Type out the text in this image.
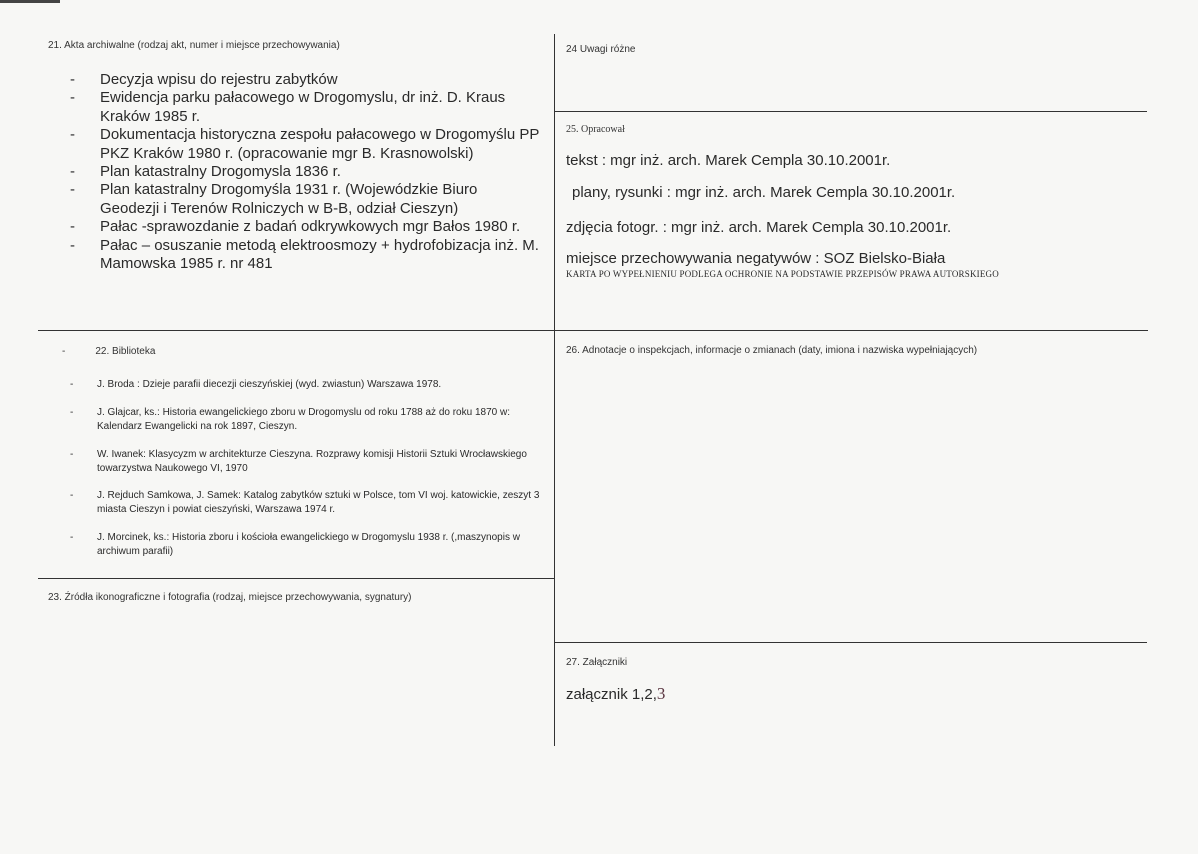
21. Akta archiwalne (rodzaj akt, numer i miejsce przechowywania)
- Decyzja wpisu do rejestru zabytków
- Ewidencja parku pałacowego w Drogomyslu, dr inż. D. Kraus Kraków 1985 r.
- Dokumentacja historyczna zespołu pałacowego w Drogomyślu PP PKZ Kraków 1980 r. (opracowanie mgr B. Krasnowolski)
- Plan katastralny Drogomysla 1836 r.
- Plan katastralny Drogomyśla 1931 r. (Wojewódzkie Biuro Geodezji i Terenów Rolniczych w B-B, odział Cieszyn)
- Pałac -sprawozdanie z badań odkrywkowych mgr Bałos 1980 r.
- Pałac – osuszanie metodą elektroosmozy + hydrofobizacja inż. M. Mamowska 1985 r. nr 481
-	22. Biblioteka
- J. Broda : Dzieje parafii diecezji cieszyńskiej (wyd. zwiastun) Warszawa 1978.
- J. Glajcar, ks.: Historia ewangelickiego zboru w Drogomyslu od roku 1788 aż do roku 1870 w: Kalendarz Ewangelicki na rok 1897, Cieszyn.
- W. Iwanek: Klasycyzm w architekturze Cieszyna. Rozprawy komisji Historii Sztuki Wrocławskiego towarzystwa Naukowego VI, 1970
- J. Rejduch Samkowa, J. Samek: Katalog zabytków sztuki w Polsce, tom VI woj. katowickie, zeszyt 3 miasta Cieszyn i powiat cieszyński, Warszawa 1974 r.
- J. Morcinek, ks.: Historia zboru i kościoła ewangelickiego w Drogomyslu 1938 r. (,maszynopis w archiwum parafii)
23. Źródła ikonograficzne i fotografia (rodzaj, miejsce przechowywania, sygnatury)
24 Uwagi różne
25. Opracował
tekst : mgr inż. arch. Marek Cempla 30.10.2001r.
plany, rysunki : mgr inż. arch. Marek Cempla 30.10.2001r.
zdjęcia fotogr. : mgr inż. arch. Marek Cempla 30.10.2001r.
miejsce przechowywania negatywów : SOZ Bielsko-Biała
KARTA PO WYPEŁNIENIU PODLEGA OCHRONIE NA PODSTAWIE PRZEPISÓW PRAWA AUTORSKIEGO
26. Adnotacje o inspekcjach, informacje o zmianach (daty, imiona i nazwiska wypełniających)
27. Załączniki
załącznik 1,2,3
